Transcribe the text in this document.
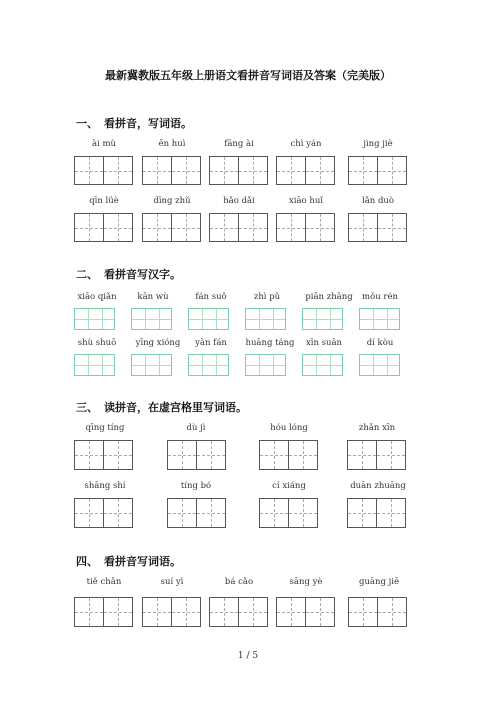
最新冀教版五年级上册语文看拼音写词语及答案（完美版）
一、 看拼音，写词语。
ài mù	ēn huì	fāng ài	chì yán	jìng jiè
qīn lüè	dīng zhǔ	hǎo dǎi	xiāo huǐ	lǎn duò
二、 看拼音写汉字。
xiāo qiǎn	kān wù	fán suǒ	zhì pǔ	piān zhāng	mǒu rén
shù shuō	yīng xióng	yàn fán	huāng táng	xīn suān	dí kòu
三、 读拼音，在虚宫格里写词语。
qīng tíng	dù jì	hóu lóng	zhǎn xīn
shāng shí	tíng bó	cí xiáng	duān zhuāng
四、 看拼音写词语。
tiě chǎn	suí yì	bá cǎo	sāng yè	guāng jiē
1 / 5
